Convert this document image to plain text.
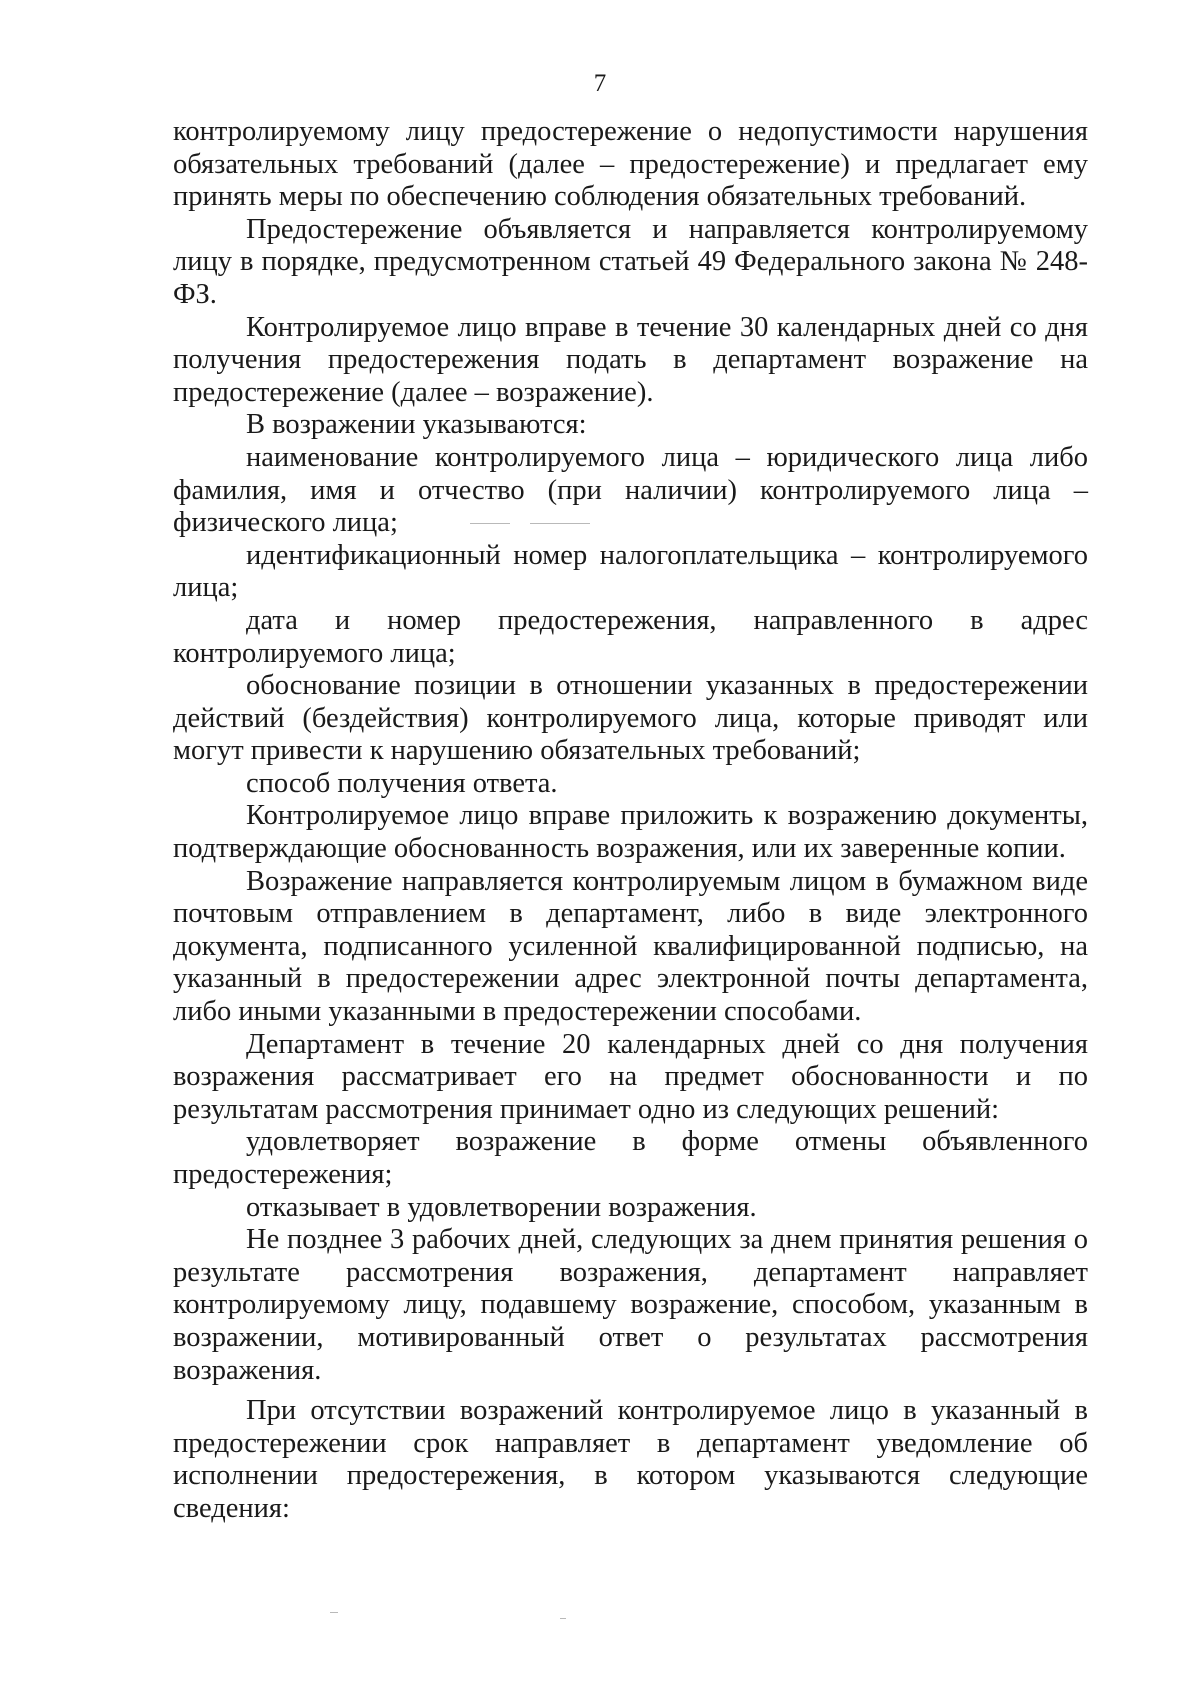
7

контролируемому лицу предостережение о недопустимости нарушения обязательных требований (далее – предостережение) и предлагает ему принять меры по обеспечению соблюдения обязательных требований.

Предостережение объявляется и направляется контролируемому лицу в порядке, предусмотренном статьей 49 Федерального закона № 248-ФЗ.

Контролируемое лицо вправе в течение 30 календарных дней со дня получения предостережения подать в департамент возражение на предостережение (далее – возражение).

В возражении указываются:

наименование контролируемого лица – юридического лица либо фамилия, имя и отчество (при наличии) контролируемого лица – физического лица;

идентификационный номер налогоплательщика – контролируемого лица;

дата и номер предостережения, направленного в адрес контролируемого лица;

обоснование позиции в отношении указанных в предостережении действий (бездействия) контролируемого лица, которые приводят или могут привести к нарушению обязательных требований;

способ получения ответа.

Контролируемое лицо вправе приложить к возражению документы, подтверждающие обоснованность возражения, или их заверенные копии.

Возражение направляется контролируемым лицом в бумажном виде почтовым отправлением в департамент, либо в виде электронного документа, подписанного усиленной квалифицированной подписью, на указанный в предостережении адрес электронной почты департамента, либо иными указанными в предостережении способами.

Департамент в течение 20 календарных дней со дня получения возражения рассматривает его на предмет обоснованности и по результатам рассмотрения принимает одно из следующих решений:

удовлетворяет возражение в форме отмены объявленного предостережения;

отказывает в удовлетворении возражения.

Не позднее 3 рабочих дней, следующих за днем принятия решения о результате рассмотрения возражения, департамент направляет контролируемому лицу, подавшему возражение, способом, указанным в возражении, мотивированный ответ о результатах рассмотрения возражения.

При отсутствии возражений контролируемое лицо в указанный в предостережении срок направляет в департамент уведомление об исполнении предостережения, в котором указываются следующие сведения:
